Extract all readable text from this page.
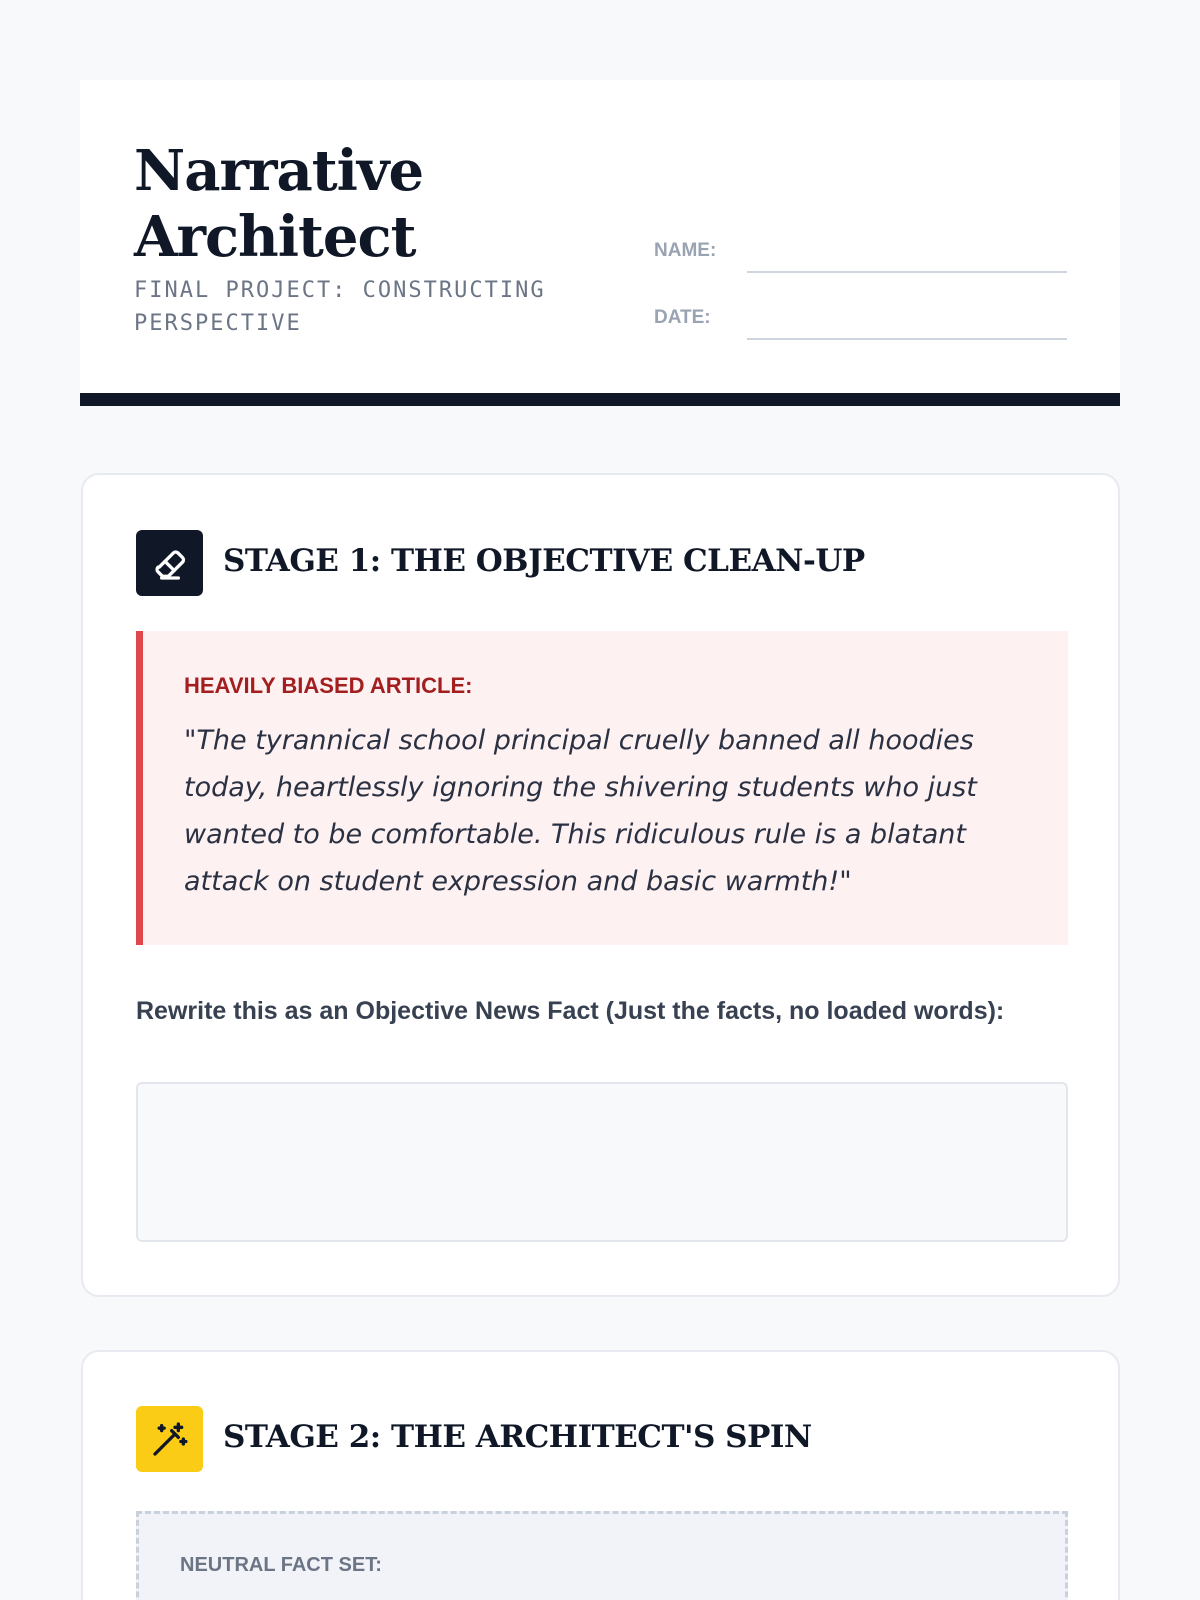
Narrative Architect
FINAL PROJECT: CONSTRUCTING PERSPECTIVE
NAME:
DATE:
STAGE 1: THE OBJECTIVE CLEAN-UP
HEAVILY BIASED ARTICLE:
"The tyrannical school principal cruelly banned all hoodies today, heartlessly ignoring the shivering students who just wanted to be comfortable. This ridiculous rule is a blatant attack on student expression and basic warmth!"
Rewrite this as an Objective News Fact (Just the facts, no loaded words):
STAGE 2: THE ARCHITECT'S SPIN
NEUTRAL FACT SET:
